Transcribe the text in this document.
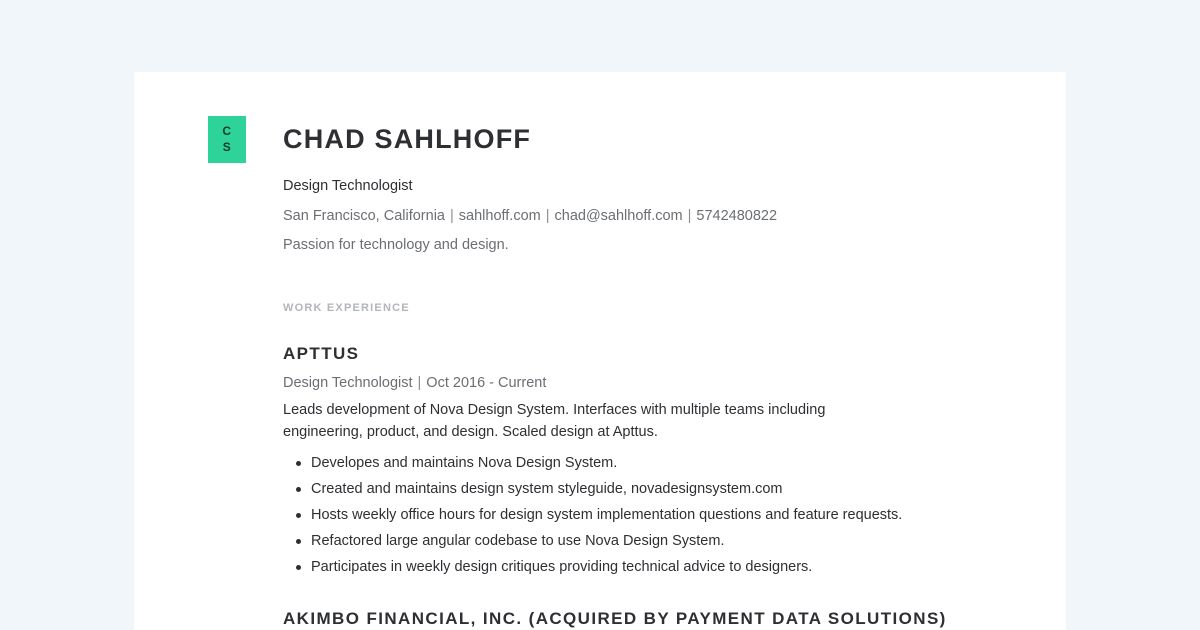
C
S	CHAD SAHLHOFF
Design Technologist
San Francisco, California | sahlhoff.com | chad@sahlhoff.com | 5742480822
Passion for technology and design.
WORK EXPERIENCE
APTTUS
Design Technologist | Oct 2016 - Current
Leads development of Nova Design System. Interfaces with multiple teams including engineering, product, and design. Scaled design at Apttus.
Developes and maintains Nova Design System.
Created and maintains design system styleguide, novadesignsystem.com
Hosts weekly office hours for design system implementation questions and feature requests.
Refactored large angular codebase to use Nova Design System.
Participates in weekly design critiques providing technical advice to designers.
AKIMBO FINANCIAL, INC. (ACQUIRED BY PAYMENT DATA SOLUTIONS)
